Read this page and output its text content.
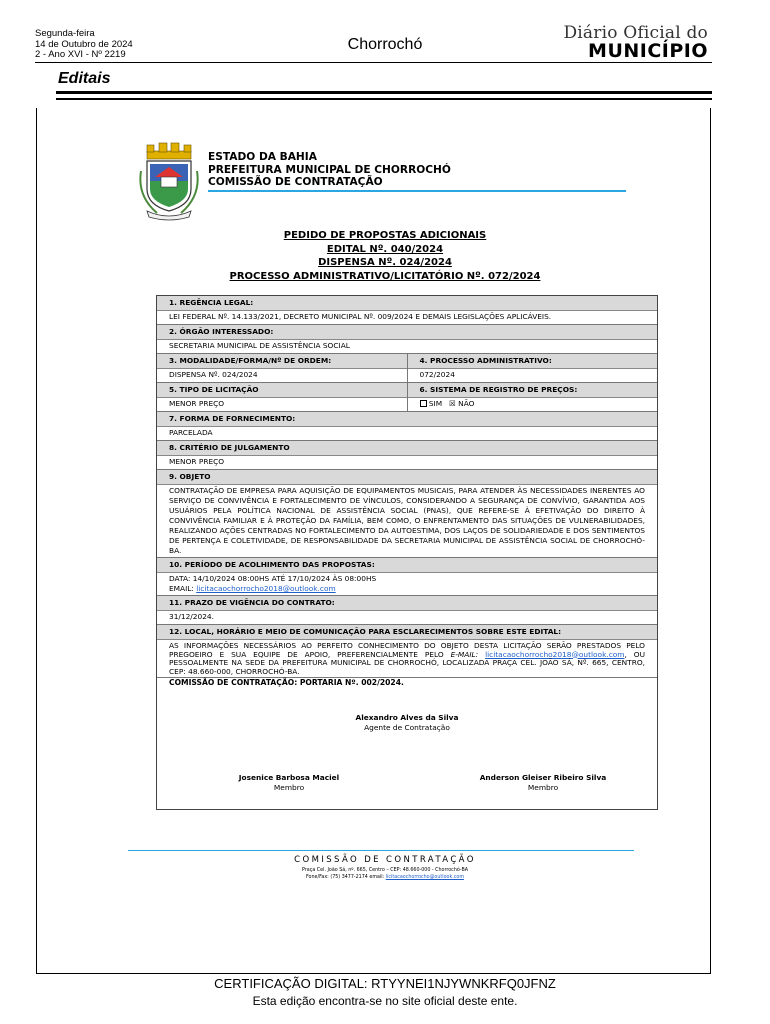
Segunda-feira
14 de Outubro de 2024
2 - Ano XVI - Nº 2219
Chorrochó
Diário Oficial do
MUNICÍPIO
Editais
ESTADO DA BAHIA
PREFEITURA MUNICIPAL DE CHORROCHÓ
COMISSÃO DE CONTRATAÇÃO
PEDIDO DE PROPOSTAS ADICIONAIS
EDITAL Nº. 040/2024
DISPENSA Nº. 024/2024
PROCESSO ADMINISTRATIVO/LICITATÓRIO Nº. 072/2024
1. REGÊNCIA LEGAL:
LEI FEDERAL Nº. 14.133/2021, DECRETO MUNICIPAL Nº. 009/2024 E DEMAIS LEGISLAÇÕES APLICÁVEIS.
2. ÓRGÃO INTERESSADO:
SECRETARIA MUNICIPAL DE ASSISTÊNCIA SOCIAL
3. MODALIDADE/FORMA/Nº DE ORDEM:
DISPENSA Nº. 024/2024
4. PROCESSO ADMINISTRATIVO:
072/2024
5. TIPO DE LICITAÇÃO
MENOR PREÇO
6. SISTEMA DE REGISTRO DE PREÇOS:
SIM ☒ NÃO
7. FORMA DE FORNECIMENTO:
PARCELADA
8. CRITÉRIO DE JULGAMENTO
MENOR PREÇO
9. OBJETO
CONTRATAÇÃO DE EMPRESA PARA AQUISIÇÃO DE EQUIPAMENTOS MUSICAIS, PARA ATENDER ÀS NECESSIDADES INERENTES AO SERVIÇO DE CONVIVÊNCIA E FORTALECIMENTO DE VÍNCULOS, CONSIDERANDO A SEGURANÇA DE CONVÍVIO, GARANTIDA AOS USUÁRIOS PELA POLÍTICA NACIONAL DE ASSISTÊNCIA SOCIAL (PNAS), QUE REFERE-SE À EFETIVAÇÃO DO DIREITO À CONVIVÊNCIA FAMILIAR E À PROTEÇÃO DA FAMÍLIA, BEM COMO, O ENFRENTAMENTO DAS SITUAÇÕES DE VULNERABILIDADES, REALIZANDO AÇÕES CENTRADAS NO FORTALECIMENTO DA AUTOESTIMA, DOS LAÇOS DE SOLIDARIEDADE E DOS SENTIMENTOS DE PERTENÇA E COLETIVIDADE, DE RESPONSABILIDADE DA SECRETARIA MUNICIPAL DE ASSISTÊNCIA SOCIAL DE CHORROCHÓ-BA.
10. PERÍODO DE ACOLHIMENTO DAS PROPOSTAS:
DATA: 14/10/2024 08:00HS ATÉ 17/10/2024 ÀS 08:00HS
EMAIL: licitacaochorrocho2018@outlook.com
11. PRAZO DE VIGÊNCIA DO CONTRATO:
31/12/2024.
12. LOCAL, HORÁRIO E MEIO DE COMUNICAÇÃO PARA ESCLARECIMENTOS SOBRE ESTE EDITAL:
AS INFORMAÇÕES NECESSÁRIOS AO PERFEITO CONHECIMENTO DO OBJETO DESTA LICITAÇÃO SERÃO PRESTADOS PELO PREGOEIRO E SUA EQUIPE DE APOIO, PREFERENCIALMENTE PELO E-MAIL: licitacaochorrocho2018@outlook.com, OU PESSOALMENTE NA SEDE DA PREFEITURA MUNICIPAL DE CHORROCHÓ, LOCALIZADA PRAÇA CEL. JOÃO SÁ, Nº. 665, CENTRO, CEP: 48.660-000, CHORROCHÓ-BA.
COMISSÃO DE CONTRATAÇÃO: PORTARIA Nº. 002/2024.
Alexandro Alves da Silva
Agente de Contratação
Josenice Barbosa Maciel
Membro
Anderson Gleiser Ribeiro Silva
Membro
COMISSÃO DE CONTRATAÇÃO
Praça Cel. João Sá, nº. 665, Centro – CEP: 48.660-000 - Chorrochó-BA
Fone/Fax: (75) 3477-2174 email: licitacaochorrocho@outlook.com
CERTIFICAÇÃO DIGITAL: RTYYNEI1NJYWNKRFQ0JFNZ
Esta edição encontra-se no site oficial deste ente.
